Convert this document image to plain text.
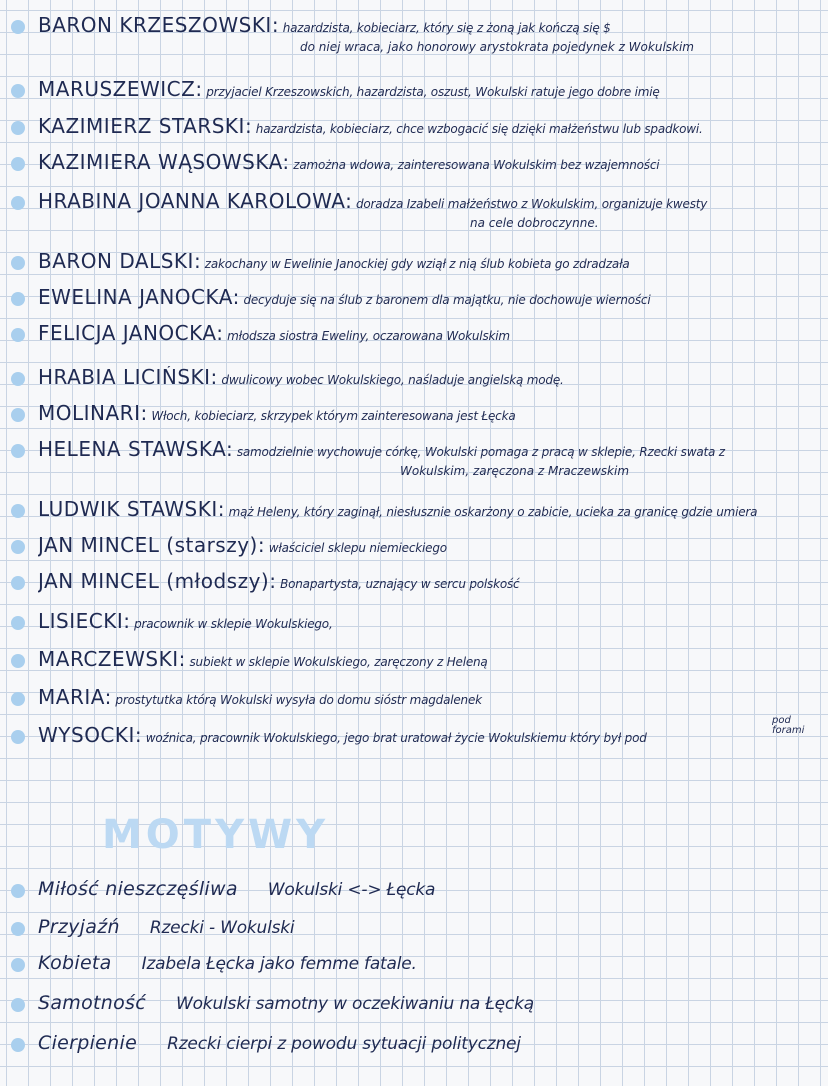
BARON KRZESZOWSKI: hazardzista, kobieciarz, który się z żoną jak kończą się $
do niej wraca, jako honorowy arystokrata pojedynek z Wokulskim
MARUSZEWICZ: przyjaciel Krzeszowskich, hazardzista, oszust, Wokulski ratuje jego dobre imię
KAZIMIERZ STARSKI: hazardzista, kobieciarz, chce wzbogacić się dzięki małżeństwu lub spadkowi.
KAZIMIERA WĄSOWSKA: zamożna wdowa, zainteresowana Wokulskim bez wzajemności
HRABINA JOANNA KAROLOWA: doradza Izabeli małżeństwo z Wokulskim, organizuje kwesty
na cele dobroczynne.
BARON DALSKI: zakochany w Ewelinie Janockiej gdy wziął z nią ślub kobieta go zdradzała
EWELINA JANOCKA: decyduje się na ślub z baronem dla majątku, nie dochowuje wierności
FELICJA JANOCKA: młodsza siostra Eweliny, oczarowana Wokulskim
HRABIA LICIŃSKI: dwulicowy wobec Wokulskiego, naśladuje angielską modę.
MOLINARI: Włoch, kobieciarz, skrzypek którym zainteresowana jest Łęcka
HELENA STAWSKA: samodzielnie wychowuje córkę, Wokulski pomaga z pracą w sklepie, Rzecki swata z
Wokulskim, zaręczona z Mraczewskim
LUDWIK STAWSKI: mąż Heleny, który zaginął, niesłusznie oskarżony o zabicie, ucieka za granicę gdzie umiera
JAN MINCEL (starszy): właściciel sklepu niemieckiego
JAN MINCEL (młodszy): Bonapartysta, uznający w sercu polskość
LISIECKI: pracownik w sklepie Wokulskiego,
MARCZEWSKI: subiekt w sklepie Wokulskiego, zaręczony z Heleną
MARIA: prostytutka którą Wokulski wysyła do domu sióstr magdalenek
WYSOCKI: woźnica, pracownik Wokulskiego, jego brat uratował życie Wokulskiemu który był pod
pod forami
MOTYWY
Miłość nieszczęśliwa Wokulski <-> Łęcka
Przyjaźń Rzecki - Wokulski
Kobieta Izabela Łęcka jako femme fatale.
Samotność Wokulski samotny w oczekiwaniu na Łęcką
Cierpienie Rzecki cierpi z powodu sytuacji politycznej
